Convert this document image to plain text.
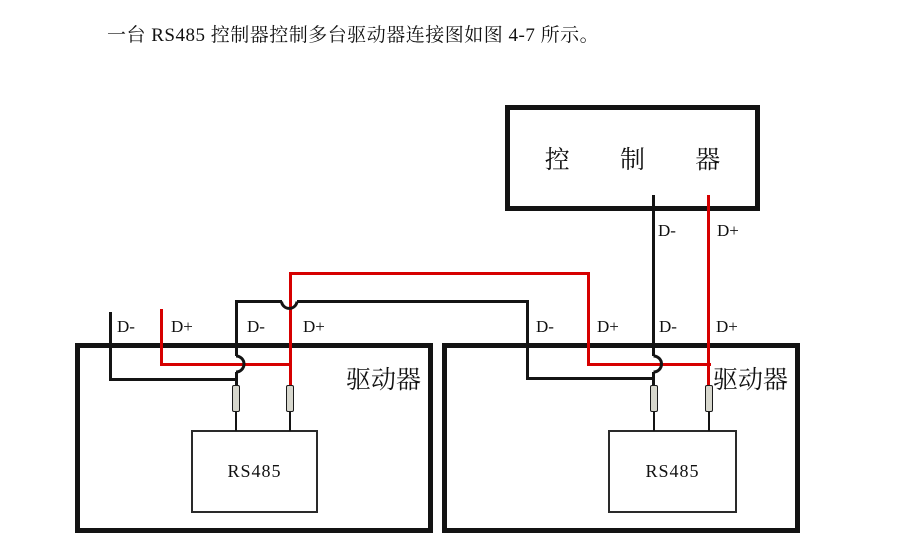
一台 RS485 控制器控制多台驱动器连接图如图 4-7 所示。
控 制 器
D- D+
驱动器	驱动器
RS485	RS485
D- D+	D- D+	D-	D+ D- D+
